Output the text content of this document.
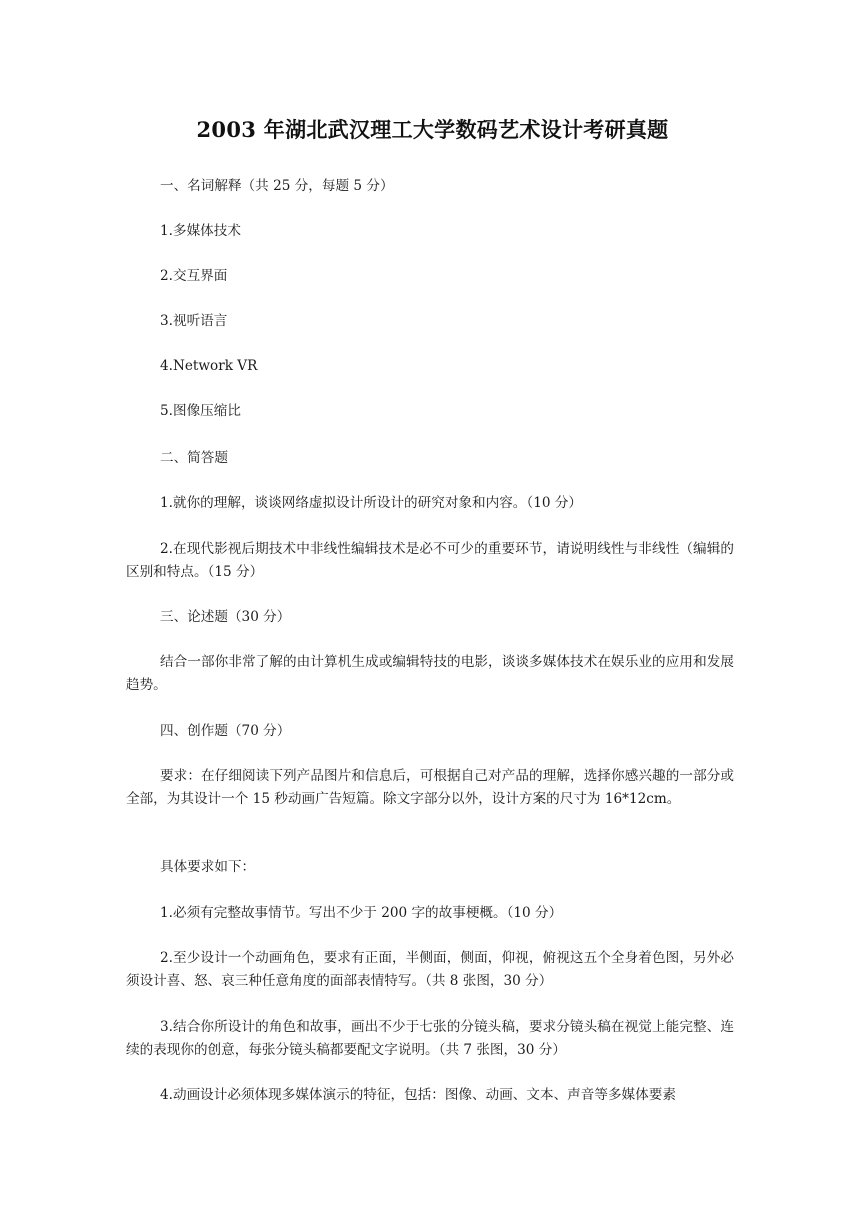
2003 年湖北武汉理工大学数码艺术设计考研真题
一、名词解释（共 25 分，每题 5 分）
1.多媒体技术
2.交互界面
3.视听语言
4.Network VR
5.图像压缩比
二、简答题
1.就你的理解，谈谈网络虚拟设计所设计的研究对象和内容。（10 分）
2.在现代影视后期技术中非线性编辑技术是必不可少的重要环节，请说明线性与非线性（编辑的区别和特点。（15 分）
三、论述题（30 分）
结合一部你非常了解的由计算机生成或编辑特技的电影，谈谈多媒体技术在娱乐业的应用和发展趋势。
四、创作题（70 分）
要求：在仔细阅读下列产品图片和信息后，可根据自己对产品的理解，选择你感兴趣的一部分或全部，为其设计一个 15 秒动画广告短篇。除文字部分以外，设计方案的尺寸为 16*12cm。
具体要求如下：
1.必须有完整故事情节。写出不少于 200 字的故事梗概。（10 分）
2.至少设计一个动画角色，要求有正面，半侧面，侧面，仰视，俯视这五个全身着色图，另外必须设计喜、怒、哀三种任意角度的面部表情特写。（共 8 张图，30 分）
3.结合你所设计的角色和故事，画出不少于七张的分镜头稿，要求分镜头稿在视觉上能完整、连续的表现你的创意，每张分镜头稿都要配文字说明。（共 7 张图，30 分）
4.动画设计必须体现多媒体演示的特征，包括：图像、动画、文本、声音等多媒体要素
